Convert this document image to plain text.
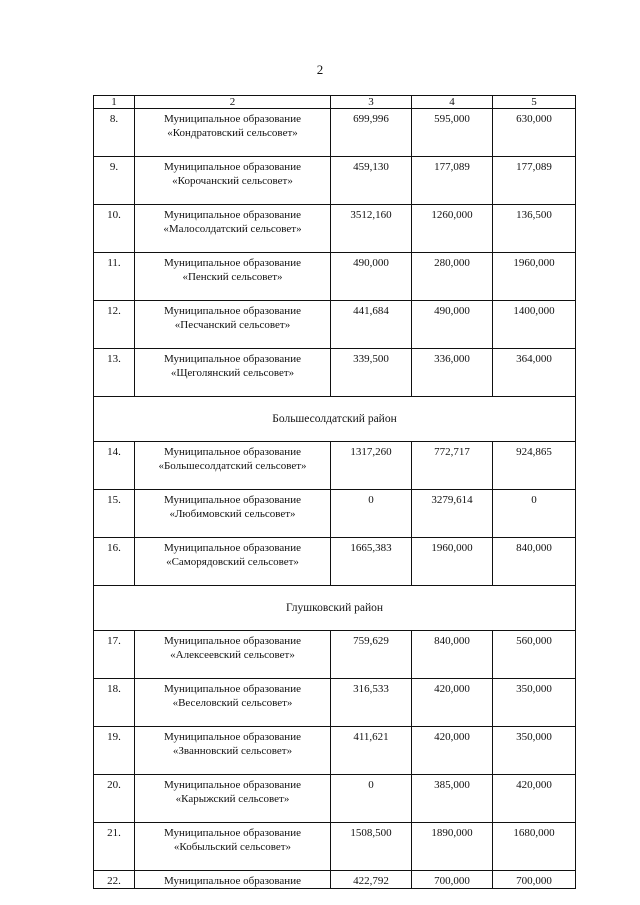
2
1	2	3	4	5
8.	Муниципальное образование
«Кондратовский сельсовет»	699,996	595,000	630,000
9.	Муниципальное образование
«Корочанский сельсовет»	459,130	177,089	177,089
10.	Муниципальное образование
«Малосолдатский сельсовет»	3512,160	1260,000	136,500
11.	Муниципальное образование
«Пенский сельсовет»	490,000	280,000	1960,000
12.	Муниципальное образование
«Песчанский сельсовет»	441,684	490,000	1400,000
13.	Муниципальное образование
«Щеголянский сельсовет»	339,500	336,000	364,000
Большесолдатский район				
14.	Муниципальное образование
«Большесолдатский сельсовет»	1317,260	772,717	924,865
15.	Муниципальное образование
«Любимовский сельсовет»	0	3279,614	0
16.	Муниципальное образование
«Саморядовский сельсовет»	1665,383	1960,000	840,000
Глушковский район				
17.	Муниципальное образование
«Алексеевский сельсовет»	759,629	840,000	560,000
18.	Муниципальное образование
«Веселовский сельсовет»	316,533	420,000	350,000
19.	Муниципальное образование
«Званновский сельсовет»	411,621	420,000	350,000
20.	Муниципальное образование
«Карыжский сельсовет»	0	385,000	420,000
21.	Муниципальное образование
«Кобыльский сельсовет»	1508,500	1890,000	1680,000
22.	Муниципальное образование	422,792	700,000	700,000
